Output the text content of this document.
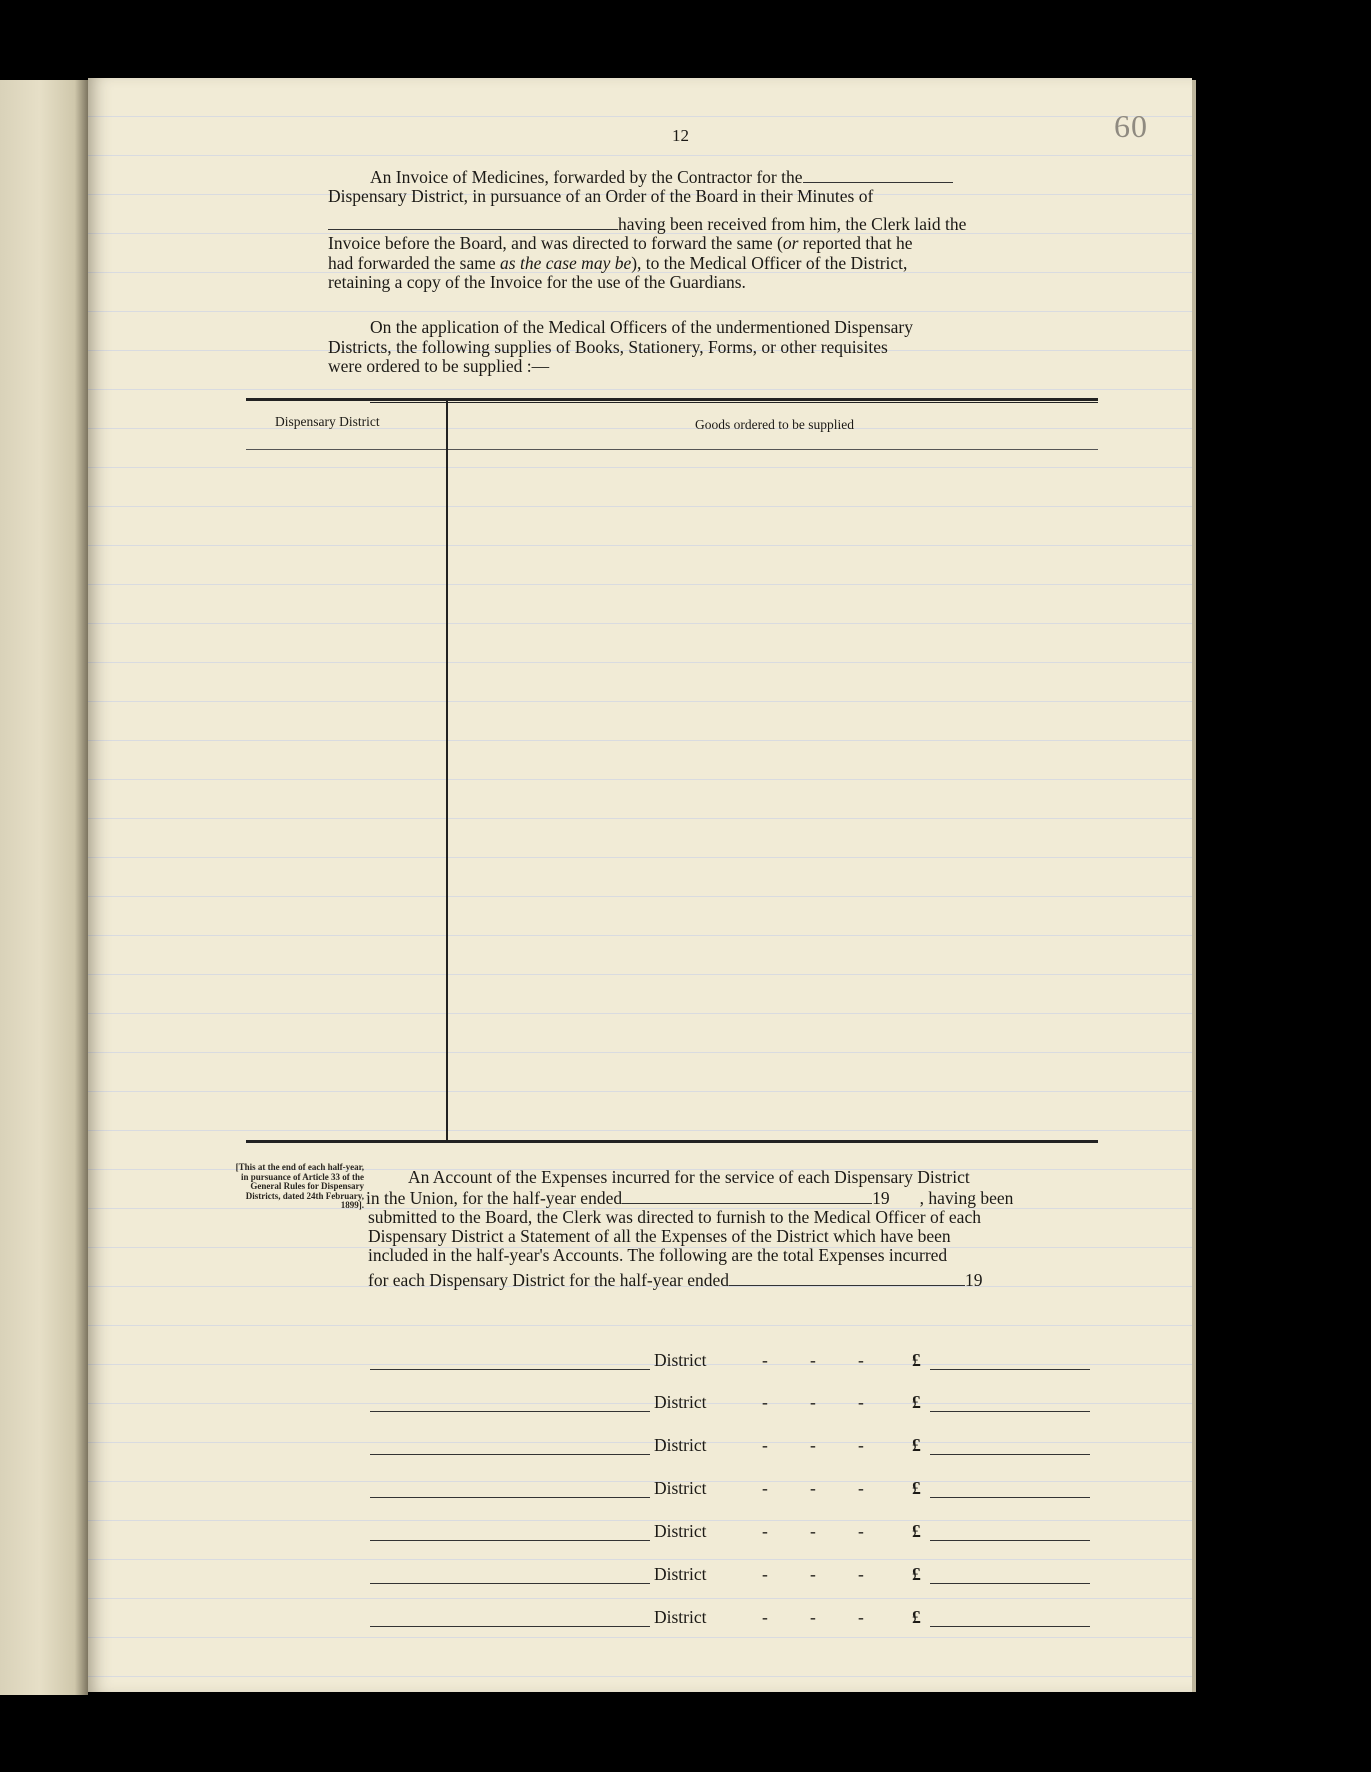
60
12
An Invoice of Medicines, forwarded by the Contractor for the
Dispensary District, in pursuance of an Order of the Board in their Minutes of
having been received from him, the Clerk laid the
Invoice before the Board, and was directed to forward the same (or reported that he
had forwarded the same as the case may be), to the Medical Officer of the District,
retaining a copy of the Invoice for the use of the Guardians.
On the application of the Medical Officers of the undermentioned Dispensary
Districts, the following supplies of Books, Stationery, Forms, or other requisites
were ordered to be supplied :—
Dispensary District	Goods ordered to be supplied
[This at the end of each half-year, in pursuance of Article 33 of the General Rules for Dispensary Districts, dated 24th February, 1899].
An Account of the Expenses incurred for the service of each Dispensary District
in the Union, for the half-year ended	19 , having been
submitted to the Board, the Clerk was directed to furnish to the Medical Officer of each
Dispensary District a Statement of all the Expenses of the District which have been
included in the half-year's Accounts. The following are the total Expenses incurred
for each Dispensary District for the half-year ended	19
District	- - -	£
District	- - -	£
District	- - -	£
District	- - -	£
District	- - -	£
District	- - -	£
District	- - -	£
